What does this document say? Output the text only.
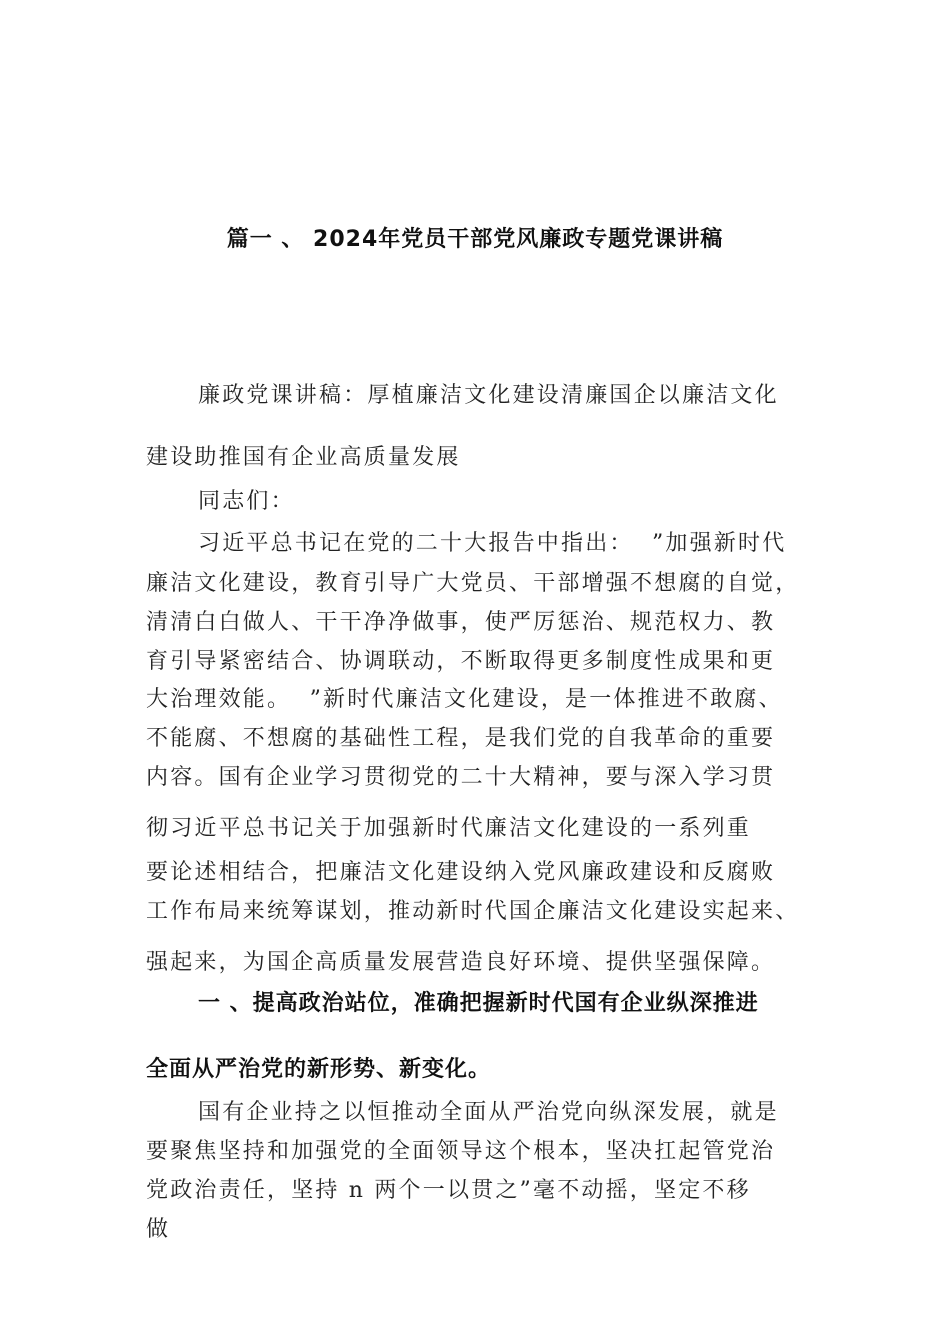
篇一 、 2024年党员干部党风廉政专题党课讲稿
廉政党课讲稿：厚植廉洁文化建设清廉国企以廉洁文化
建设助推国有企业高质量发展
同志们：
习近平总书记在党的二十大报告中指出：  ”加强新时代
廉洁文化建设，教育引导广大党员、干部增强不想腐的自觉，
清清白白做人、干干净净做事，使严厉惩治、规范权力、教
育引导紧密结合、协调联动，不断取得更多制度性成果和更
大治理效能。  ”新时代廉洁文化建设，是一体推进不敢腐、
不能腐、不想腐的基础性工程，是我们党的自我革命的重要
内容。国有企业学习贯彻党的二十大精神，要与深入学习贯
彻习近平总书记关于加强新时代廉洁文化建设的一系列重
要论述相结合，把廉洁文化建设纳入党风廉政建设和反腐败
工作布局来统筹谋划，推动新时代国企廉洁文化建设实起来、
强起来，为国企高质量发展营造良好环境、提供坚强保障。
一 、提高政治站位，准确把握新时代国有企业纵深推进
全面从严治党的新形势、新变化。
国有企业持之以恒推动全面从严治党向纵深发展，就是
要聚焦坚持和加强党的全面领导这个根本，坚决扛起管党治
党政治责任，坚持 n 两个一以贯之”毫不动摇，坚定不移
做
